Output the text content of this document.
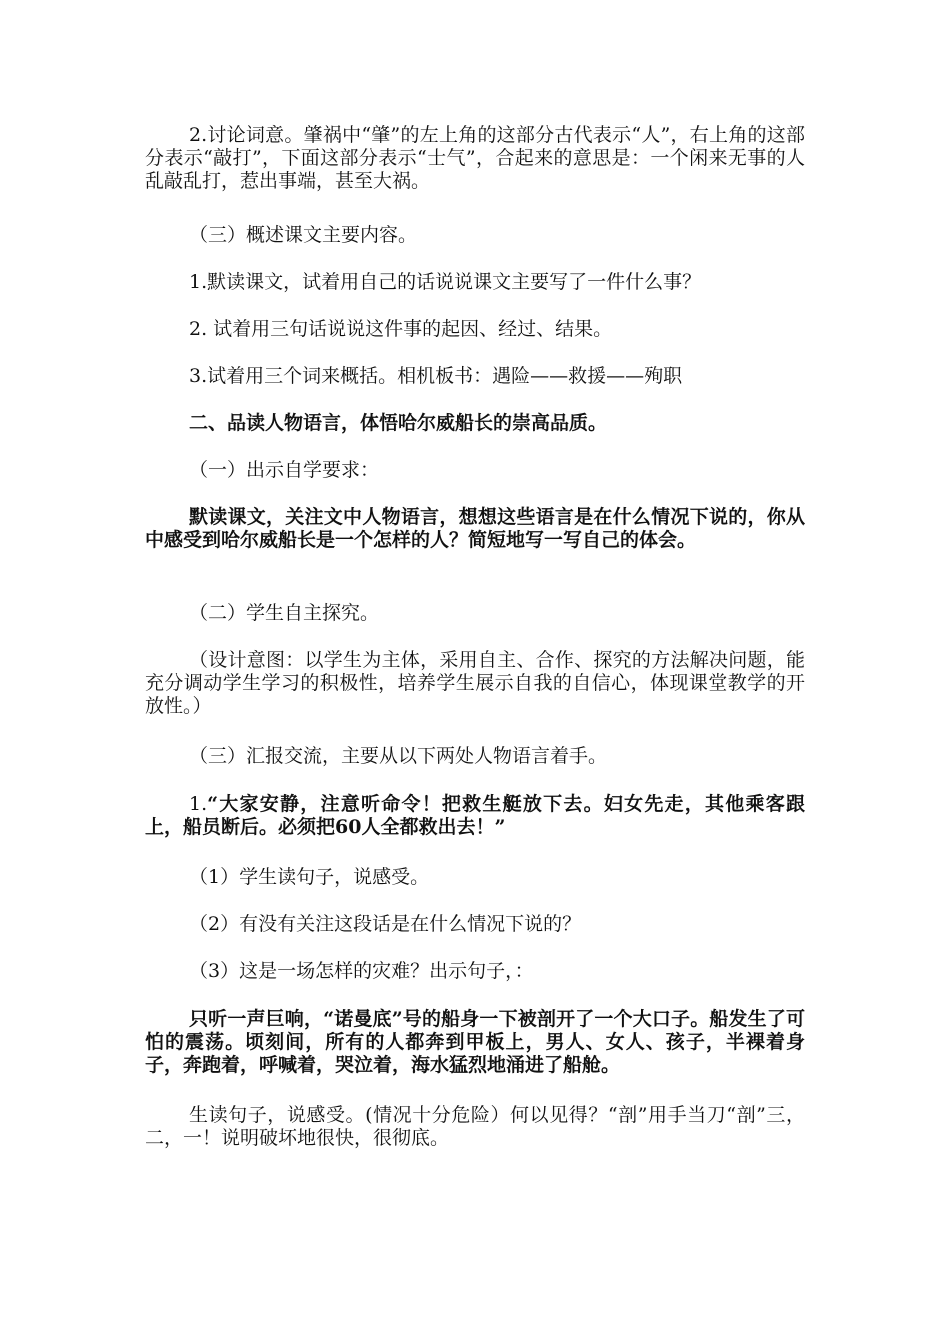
2.讨论词意。肇祸中“肇”的左上角的这部分古代表示“人”，右上角的这部分表示“敲打”，下面这部分表示“士气”，合起来的意思是：一个闲来无事的人乱敲乱打，惹出事端，甚至大祸。

（三）概述课文主要内容。

1.默读课文，试着用自己的话说说课文主要写了一件什么事？

2. 试着用三句话说说这件事的起因、经过、结果。

3.试着用三个词来概括。相机板书：遇险——救援——殉职

二、品读人物语言，体悟哈尔威船长的崇高品质。

（一）出示自学要求：

默读课文，关注文中人物语言，想想这些语言是在什么情况下说的，你从中感受到哈尔威船长是一个怎样的人？简短地写一写自己的体会。

（二）学生自主探究。

（设计意图：以学生为主体，采用自主、合作、探究的方法解决问题，能充分调动学生学习的积极性，培养学生展示自我的自信心，体现课堂教学的开放性。）

（三）汇报交流，主要从以下两处人物语言着手。

1.“大家安静，注意听命令！把救生艇放下去。妇女先走，其他乘客跟上，船员断后。必须把60人全都救出去！”

（1）学生读句子，说感受。

（2）有没有关注这段话是在什么情况下说的？

（3）这是一场怎样的灾难？出示句子，：

只听一声巨响，“诺曼底”号的船身一下被剖开了一个大口子。船发生了可怕的震荡。顷刻间，所有的人都奔到甲板上，男人、女人、孩子，半裸着身子，奔跑着，呼喊着，哭泣着，海水猛烈地涌进了船舱。

生读句子，说感受。(情况十分危险）何以见得？“剖”用手当刀“剖”三，二，一！说明破坏地很快，很彻底。
